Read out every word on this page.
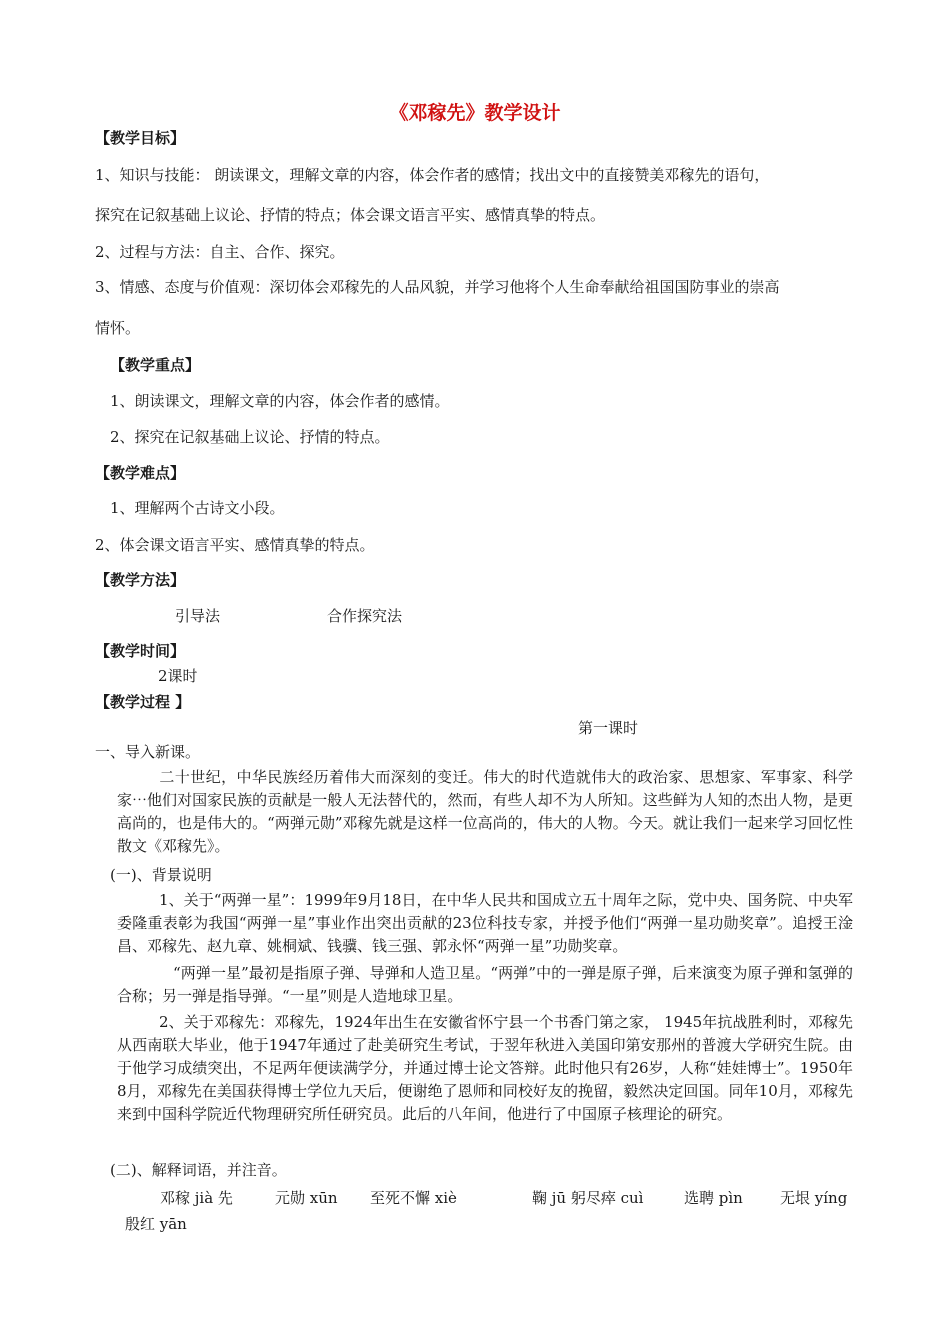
《邓稼先》教学设计
【教学目标】
1、知识与技能： 朗读课文，理解文章的内容，体会作者的感情；找出文中的直接赞美邓稼先的语句，
探究在记叙基础上议论、抒情的特点；体会课文语言平实、感情真挚的特点。
2、过程与方法：自主、合作、探究。
3、情感、态度与价值观：深切体会邓稼先的人品风貌，并学习他将个人生命奉献给祖国国防事业的崇高
情怀。
【教学重点】
1、朗读课文，理解文章的内容，体会作者的感情。
2、探究在记叙基础上议论、抒情的特点。
【教学难点】
1、理解两个古诗文小段。
2、体会课文语言平实、感情真挚的特点。
【教学方法】
引导法	合作探究法
【教学时间】
2课时
【教学过程 】
第一课时
一、导入新课。
二十世纪，中华民族经历着伟大而深刻的变迁。伟大的时代造就伟大的政治家、思想家、军事家、科学家⋯他们对国家民族的贡献是一般人无法替代的，然而，有些人却不为人所知。这些鲜为人知的杰出人物，是更高尚的，也是伟大的。“两弹元勋”邓稼先就是这样一位高尚的，伟大的人物。今天。就让我们一起来学习回忆性散文《邓稼先》。
(一)、背景说明
1、关于“两弹一星”：1999年9月18日，在中华人民共和国成立五十周年之际，党中央、国务院、中央军委隆重表彰为我国“两弹一星”事业作出突出贡献的23位科技专家，并授予他们“两弹一星功勋奖章”。追授王淦昌、邓稼先、赵九章、姚桐斌、钱骥、钱三强、郭永怀“两弹一星”功勋奖章。
“两弹一星”最初是指原子弹、导弹和人造卫星。“两弹”中的一弹是原子弹，后来演变为原子弹和氢弹的合称；另一弹是指导弹。“一星”则是人造地球卫星。
2、关于邓稼先：邓稼先，1924年出生在安徽省怀宁县一个书香门第之家， 1945年抗战胜利时，邓稼先从西南联大毕业，他于1947年通过了赴美研究生考试，于翌年秋进入美国印第安那州的普渡大学研究生院。由于他学习成绩突出，不足两年便读满学分，并通过博士论文答辩。此时他只有26岁，人称“娃娃博士”。1950年8月，邓稼先在美国获得博士学位九天后，便谢绝了恩师和同校好友的挽留，毅然决定回国。同年10月，邓稼先来到中国科学院近代物理研究所任研究员。此后的八年间，他进行了中国原子核理论的研究。
(二)、解释词语，并注音。
邓稼 jià 先	元勋 xūn 至死不懈 xiè	鞠 jū 躬尽瘁 cuì	选聘 pìn 无垠 yíng
殷红 yān
